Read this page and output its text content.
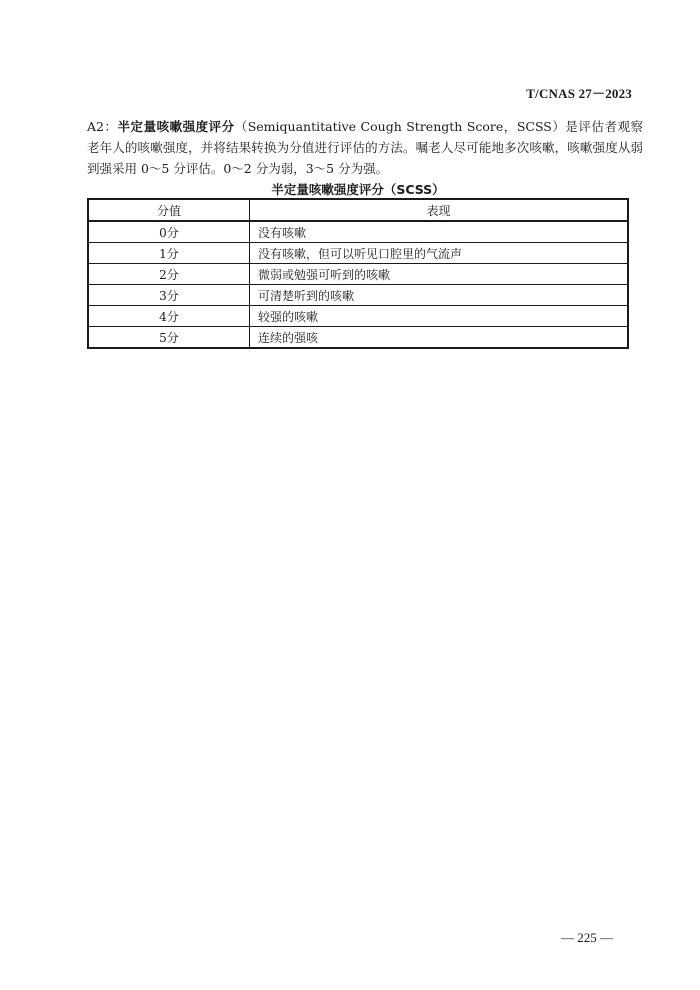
T/CNAS 27－2023
A2：半定量咳嗽强度评分（Semiquantitative Cough Strength Score，SCSS）是评估者观察老年人的咳嗽强度，并将结果转换为分值进行评估的方法。嘱老人尽可能地多次咳嗽，咳嗽强度从弱到强采用 0～5 分评估。0～2 分为弱，3～5 分为强。
半定量咳嗽强度评分（SCSS）
分值	表现
0分	没有咳嗽
1分	没有咳嗽，但可以听见口腔里的气流声
2分	微弱或勉强可听到的咳嗽
3分	可清楚听到的咳嗽
4分	较强的咳嗽
5分	连续的强咳
— 225 —
